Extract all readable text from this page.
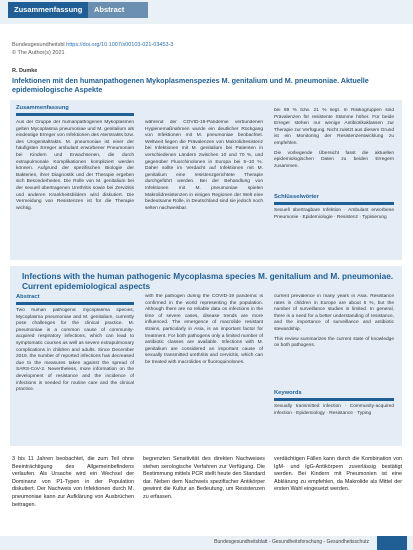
Zusammenfassung	Abstract
Bundesgesundheitsbl https://doi.org/10.1007/s00103-021-03453-3
© The Author(s) 2021
R. Dumke
Infektionen mit den humanpathogenen Mykoplasmenspezies M. genitalium und M. pneumoniae. Aktuelle epidemiologische Aspekte
Zusammenfassung

Aus der Gruppe der humanpathogenen Mykoplasmen gelten Mycoplasma pneumoniae und M. genitalium als eindeutige Erreger von Infektionen des Atemtrakts bzw. des Urogenitaltrakts. M. pneumoniae ist einer der häufigsten Erreger ambulant erworbener Pneumonien bei Kindern und Erwachsenen, die durch extrapulmonale Komplikationen kompliziert werden können. Aufgrund der spezifischen Biologie der Bakterien, ihrer Diagnostik und der Therapie ergeben sich Besonderheiten. Die Rolle von M. genitalium bei der sexuell übertragenen Urethritis sowie bei Zervizitis und anderen Krankheitsbildern wird diskutiert. Die Vermeidung von Resistenzen ist für die Therapie wichtig.

während der COVID-19-Pandemie verbundenen Hygienemaßnahmen wurde ein deutlicher Rückgang von Infektionen mit M. pneumoniae beobachtet. Weltweit liegen die Prävalenzen von Makrolidresistenz bei Infektionen mit M. genitalium bei Patienten in verschiedenen Ländern zwischen 10 und 70 %, und gegenüber Fluorchinolonen in Europa bei 5–10 %. Daher sollte im Verdacht auf Infektionen mit M. genitalium eine resistenzgerichtete Therapie durchgeführt werden. Bei der Behandlung von Infektionen mit M. pneumoniae spielen Makrolidresistenzen in einigen Regionen der Welt eine bedeutsame Rolle, in Deutschland sind sie jedoch noch selten nachweisbar.

bei 69 % bzw. 21 % liegt. In Risikogruppen sind Prävalenzen für resistente Stämme höher. Für beide Erreger stehen nur wenige Antibiotikaklassen zur Therapie zur Verfügung. Nicht zuletzt aus diesem Grund ist ein Monitoring der Resistenzentwicklung zu empfehlen.

Die vorliegende Übersicht fasst die aktuellen epidemiologischen Daten zu beiden Erregern zusammen.

Schlüsselwörter
Sexuell übertragbare Infektion · Ambulant erworbene Pneumonie · Epidemiologie · Resistenz · Typisierung
Infections with the human pathogenic Mycoplasma species M. genitalium and M. pneumoniae. Current epidemiological aspects
Abstract

Two human pathogenic mycoplasma species, Mycoplasma pneumoniae and M. genitalium, currently pose challenges for the clinical practice. M. pneumoniae is a common cause of community-acquired respiratory infections, which can lead to symptomatic courses as well as severe extrapulmonary complications in children and adults. Since December 2019, the number of reported infections has decreased due to the measures taken against the spread of SARS-CoV-2. Nevertheless, more information on the development of resistance and the incidence of infections is needed for routine care and the clinical practice.

with the pathogen during the COVID-19 pandemic is confirmed in the world representing the population. Although there are no reliable data on infections in the time of severe cases, disease trends are more influenced. The emergence of macrolide resistant strains, particularly in Asia, is an important factor for treatment. For both pathogens only a limited number of antibiotic classes are available. Infections with M. genitalium are considered an important cause of sexually transmitted urethritis and cervicitis, which can be treated with macrolides or fluoroquinolones.

current prevalence in many years in Asia. Resistance rates in children in Europe are about 5 %, but the number of surveillance studies is limited. In general, there is a need for a better understanding of resistance, and the importance of surveillance and antibiotic stewardship.

This review summarizes the current state of knowledge on both pathogens.

Keywords
Sexually transmitted infection · Community-acquired infection · Epidemiology · Resistance · Typing
3 bis 11 Jahren beobachtet, die zum Teil ohne Beeinträchtigung des Allgemeinbefindens verlaufen. Als Ursache wird ein Wechsel der Dominanz von P1-Typen in der Population diskutiert. Der Nachweis von Infektionen durch M. pneumoniae kann zur Aufklärung von Ausbrüchen beitragen.
begrenzten Sensitivität des direkten Nachweises stehen serologische Verfahren zur Verfügung. Die Bestimmung mittels PCR stellt heute den Standard dar. Neben dem Nachweis spezifischer Antikörper gewinnt die Kultur an Bedeutung, um Resistenzen zu erfassen.
verdächtigen Fällen kann durch die Kombination von IgM- und IgG-Antikörpern zuverlässig bestätigt werden. Bei Kindern mit Pneumonien ist eine Abklärung zu empfehlen, da Makrolide als Mittel der ersten Wahl eingesetzt werden.
Bundesgesundheitsblatt - Gesundheitsforschung - Gesundheitsschutz
